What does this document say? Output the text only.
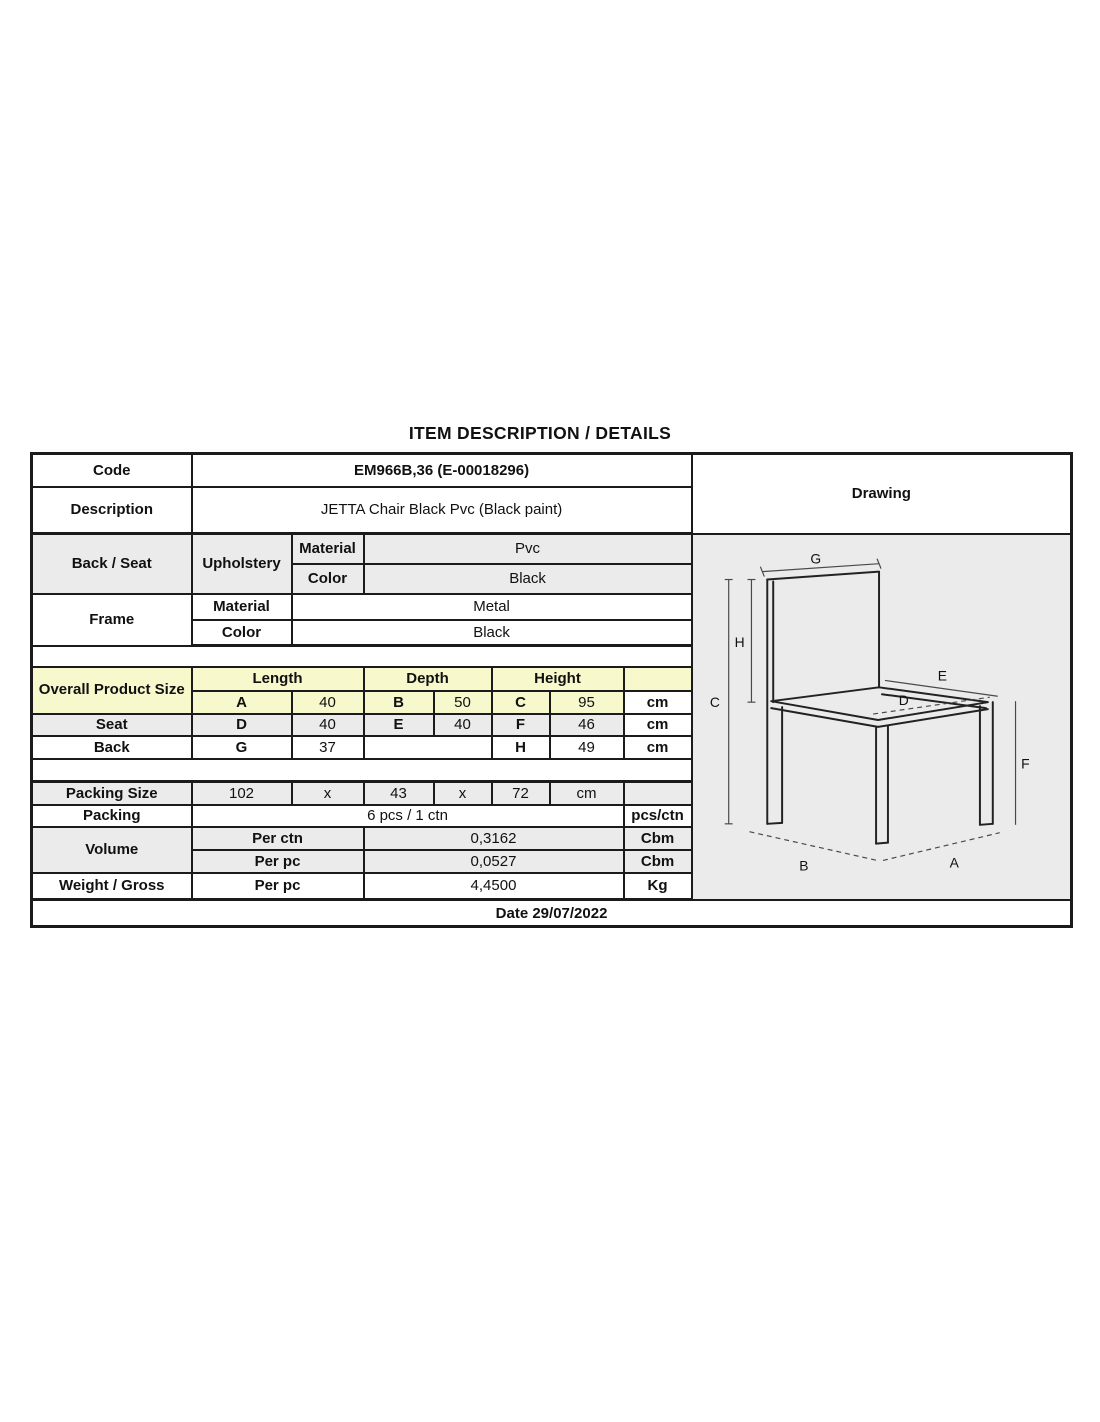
ITEM DESCRIPTION / DETAILS
Code	EM966B,36 (E-00018296)							Drawing
Description	JETTA Chair Black Pvc (Black paint)							
Back / Seat	Upholstery	Material	Pvc	
G
H
C
E
D
F
B	A

		Color	Black					
Frame	Material	Metal						
	Color	Black						

Overall Product Size	Length		Depth		Height			
	A	40	B	50	C	95	cm	
Seat	D	40	E	40	F	46	cm	
Back	G	37			H	49	cm	

Packing Size	102	x	43	x	72	cm		
Packing	6 pcs / 1 ctn						pcs/ctn	
Volume	Per ctn		0,3162				Cbm	
	Per pc		0,0527				Cbm	
Weight / Gross	Per pc		4,4500				Kg	
Date 29/07/2022								
